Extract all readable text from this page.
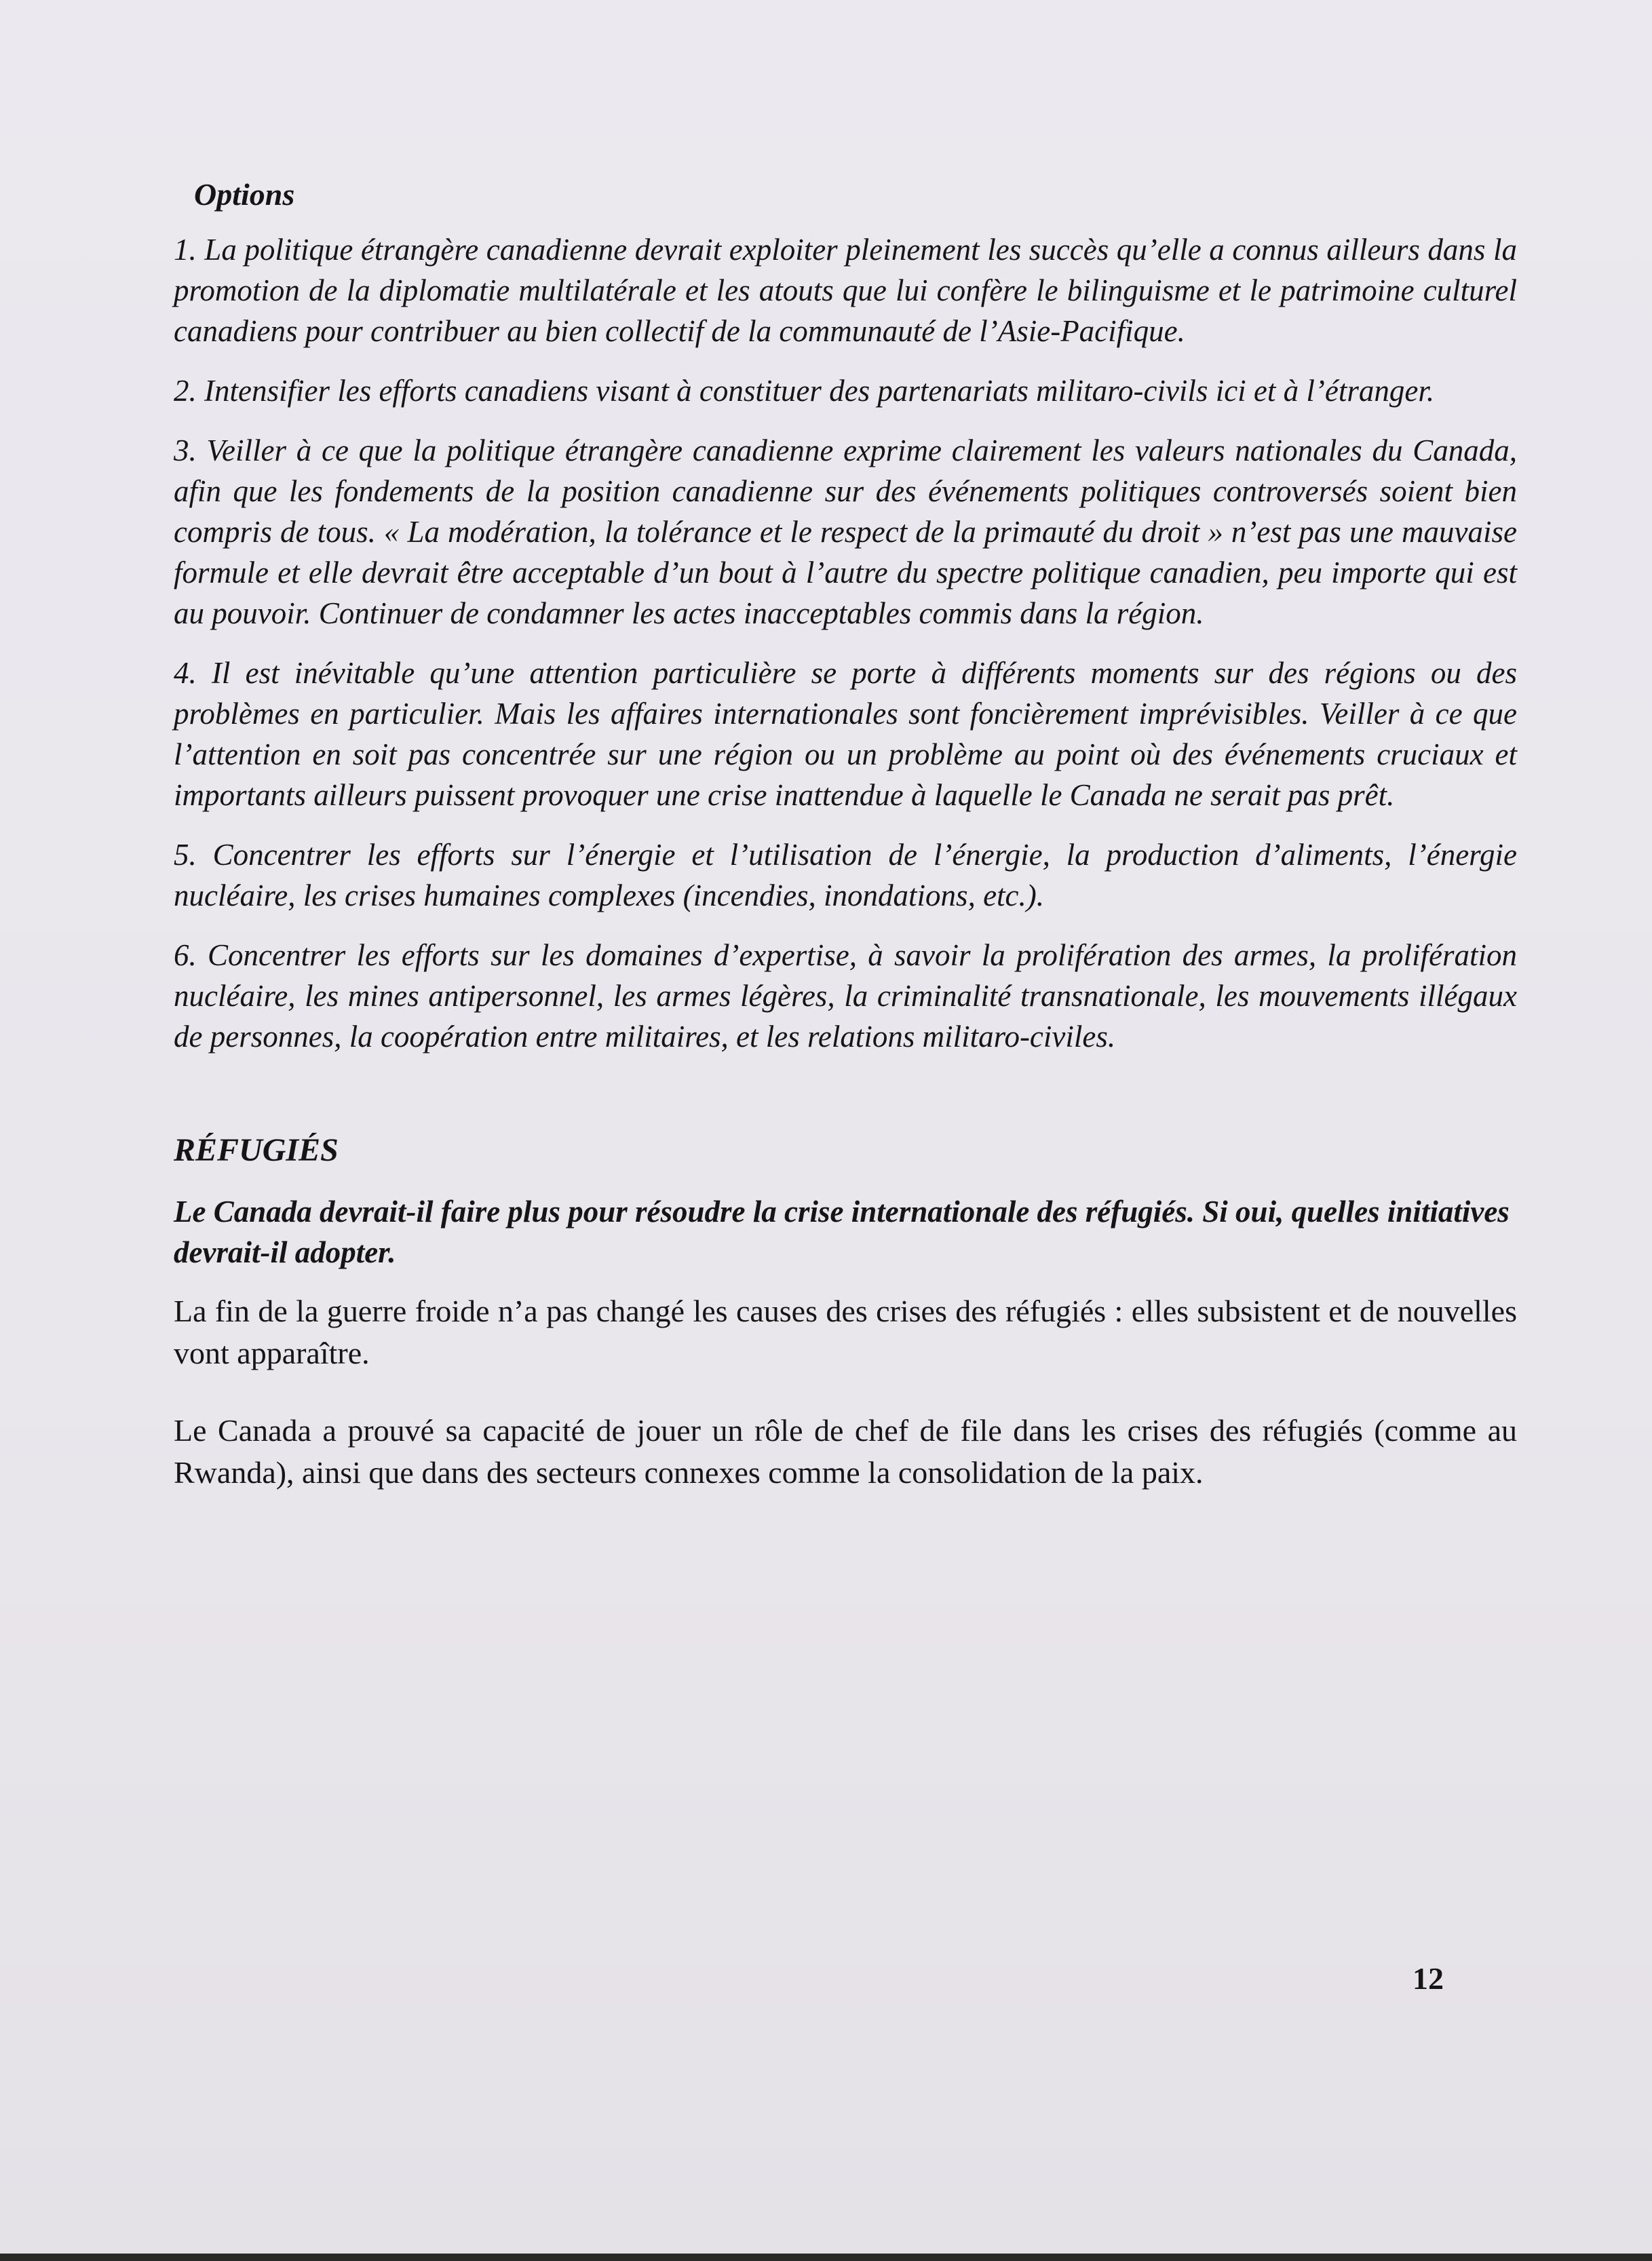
Options

1. La politique étrangère canadienne devrait exploiter pleinement les succès qu’elle a connus ailleurs dans la promotion de la diplomatie multilatérale et les atouts que lui confère le bilinguisme et le patrimoine culturel canadiens pour contribuer au bien collectif de la communauté de l’Asie-Pacifique.

2. Intensifier les efforts canadiens visant à constituer des partenariats militaro-civils ici et à l’étranger.

3. Veiller à ce que la politique étrangère canadienne exprime clairement les valeurs nationales du Canada, afin que les fondements de la position canadienne sur des événements politiques controversés soient bien compris de tous. « La modération, la tolérance et le respect de la primauté du droit » n’est pas une mauvaise formule et elle devrait être acceptable d’un bout à l’autre du spectre politique canadien, peu importe qui est au pouvoir. Continuer de condamner les actes inacceptables commis dans la région.

4. Il est inévitable qu’une attention particulière se porte à différents moments sur des régions ou des problèmes en particulier. Mais les affaires internationales sont foncièrement imprévisibles. Veiller à ce que l’attention en soit pas concentrée sur une région ou un problème au point où des événements cruciaux et importants ailleurs puissent provoquer une crise inattendue à laquelle le Canada ne serait pas prêt.

5. Concentrer les efforts sur l’énergie et l’utilisation de l’énergie, la production d’aliments, l’énergie nucléaire, les crises humaines complexes (incendies, inondations, etc.).

6. Concentrer les efforts sur les domaines d’expertise, à savoir la prolifération des armes, la prolifération nucléaire, les mines antipersonnel, les armes légères, la criminalité transnationale, les mouvements illégaux de personnes, la coopération entre militaires, et les relations militaro-civiles.

RÉFUGIÉS

Le Canada devrait-il faire plus pour résoudre la crise internationale des réfugiés. Si oui, quelles initiatives devrait-il adopter.

La fin de la guerre froide n’a pas changé les causes des crises des réfugiés : elles subsistent et de nouvelles vont apparaître.

Le Canada a prouvé sa capacité de jouer un rôle de chef de file dans les crises des réfugiés (comme au Rwanda), ainsi que dans des secteurs connexes comme la consolidation de la paix.

12
